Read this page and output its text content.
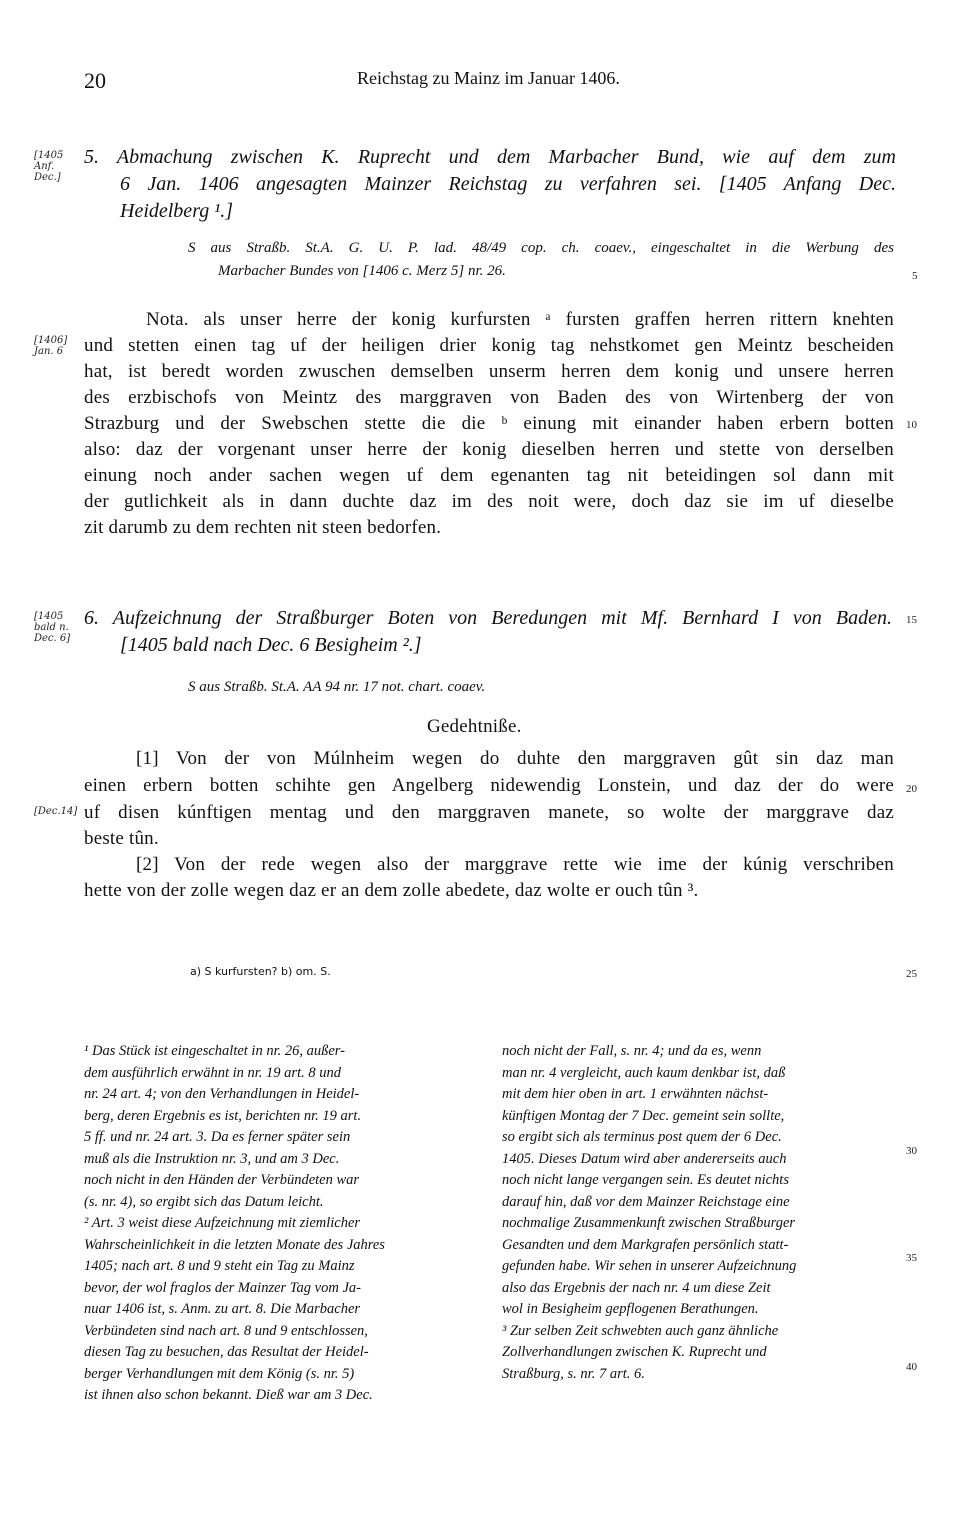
20	Reichstag zu Mainz im Januar 1406.
[1405
Anf.
Dec.]
5. Abmachung zwischen K. Ruprecht und dem Marbacher Bund, wie auf dem zum
6 Jan. 1406 angesagten Mainzer Reichstag zu verfahren sei. [1405 Anfang Dec.
Heidelberg ¹.]
S aus Straßb. St.A. G. U. P. lad. 48/49 cop. ch. coaev., eingeschaltet in die Werbung des
Marbacher Bundes von [1406 c. Merz 5] nr. 26.
[1406]
Jan. 6
Nota. als unser herre der konig kurfursten ᵃ fursten graffen herren rittern knehten
und stetten einen tag uf der heiligen drier konig tag nehstkomet gen Meintz bescheiden
hat, ist beredt worden zwuschen demselben unserm herren dem konig und unsere herren
des erzbischofs von Meintz des marggraven von Baden des von Wirtenberg der von
Strazburg und der Swebschen stette die die ᵇ einung mit einander haben erbern botten
also: daz der vorgenant unser herre der konig dieselben herren und stette von derselben
einung noch ander sachen wegen uf dem egenanten tag nit beteidingen sol dann mit
der gutlichkeit als in dann duchte daz im des noit were, doch daz sie im uf dieselbe
zit darumb zu dem rechten nit steen bedorfen.
[1405
bald n.
Dec. 6]
6. Aufzeichnung der Straßburger Boten von Beredungen mit Mf. Bernhard I von Baden.
[1405 bald nach Dec. 6 Besigheim ².]
S aus Straßb. St.A. AA 94 nr. 17 not. chart. coaev.
Gedehtniße.
[1] Von der von Múlnheim wegen do duhte den marggraven gût sin daz man
einen erbern botten schihte gen Angelberg nidewendig Lonstein, und daz der do were
[Dec.14] uf disen kúnftigen mentag und den marggraven manete, so wolte der marggrave daz
beste tûn.
[2] Von der rede wegen also der marggrave rette wie ime der kúnig verschriben
hette von der zolle wegen daz er an dem zolle abedete, daz wolte er ouch tûn ³.
a) S kurfursten? b) om. S.
5
10
15
20
25
30
35
40
¹ Das Stück ist eingeschaltet in nr. 26, außer-
dem ausführlich erwähnt in nr. 19 art. 8 und
nr. 24 art. 4; von den Verhandlungen in Heidel-
berg, deren Ergebnis es ist, berichten nr. 19 art.
5 ff. und nr. 24 art. 3. Da es ferner später sein
muß als die Instruktion nr. 3, und am 3 Dec.
noch nicht in den Händen der Verbündeten war
(s. nr. 4), so ergibt sich das Datum leicht.
² Art. 3 weist diese Aufzeichnung mit ziemlicher
Wahrscheinlichkeit in die letzten Monate des Jahres
1405; nach art. 8 und 9 steht ein Tag zu Mainz
bevor, der wol fraglos der Mainzer Tag vom Ja-
nuar 1406 ist, s. Anm. zu art. 8. Die Marbacher
Verbündeten sind nach art. 8 und 9 entschlossen,
diesen Tag zu besuchen, das Resultat der Heidel-
berger Verhandlungen mit dem König (s. nr. 5)
ist ihnen also schon bekannt. Dieß war am 3 Dec.
noch nicht der Fall, s. nr. 4; und da es, wenn
man nr. 4 vergleicht, auch kaum denkbar ist, daß
mit dem hier oben in art. 1 erwähnten nächst-
künftigen Montag der 7 Dec. gemeint sein sollte,
so ergibt sich als terminus post quem der 6 Dec.
1405. Dieses Datum wird aber andererseits auch
noch nicht lange vergangen sein. Es deutet nichts
darauf hin, daß vor dem Mainzer Reichstage eine
nochmalige Zusammenkunft zwischen Straßburger
Gesandten und dem Markgrafen persönlich statt-
gefunden habe. Wir sehen in unserer Aufzeichnung
also das Ergebnis der nach nr. 4 um diese Zeit
wol in Besigheim gepflogenen Berathungen.
³ Zur selben Zeit schwebten auch ganz ähnliche
Zollverhandlungen zwischen K. Ruprecht und
Straßburg, s. nr. 7 art. 6.
